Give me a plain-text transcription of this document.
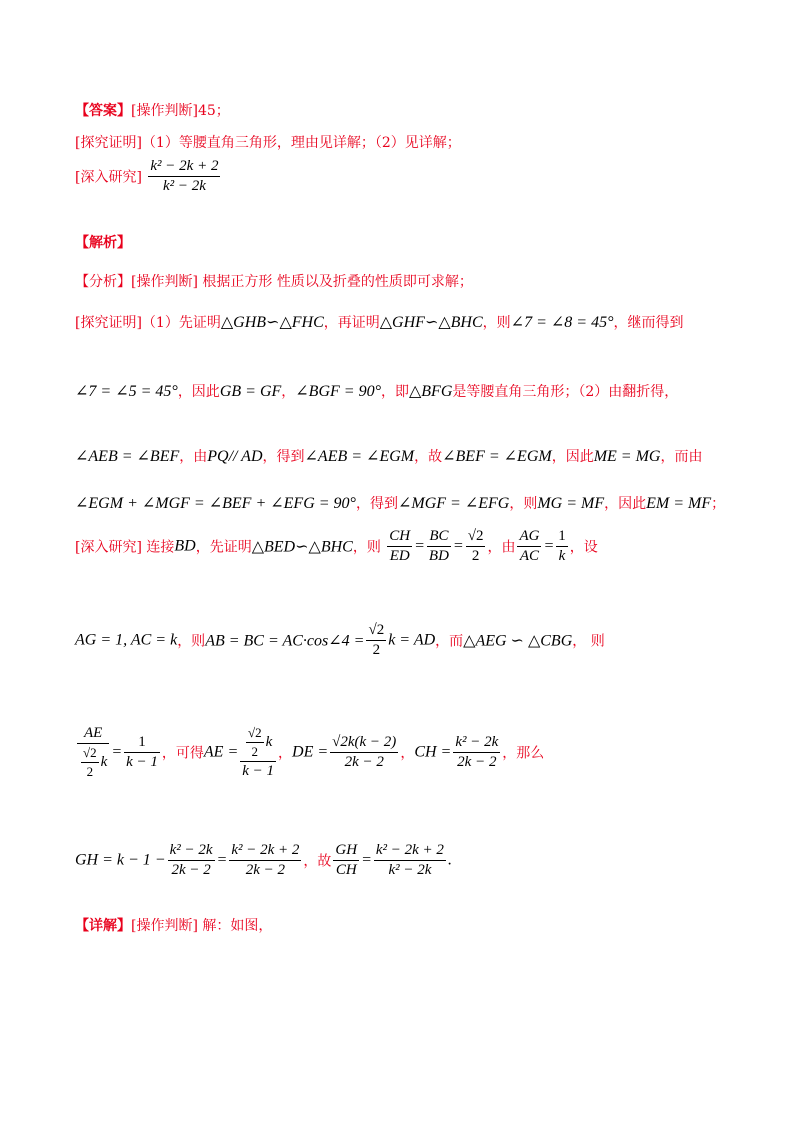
【答案】[操作判断]45；
[探究证明]（1）等腰直角三角形，理由见详解；（2）见详解；
[深入研究] $\frac{\text{k² − 2k + 2}}{\text{k² − 2k}}$
【解析】
【分析】[操作判断] 根据正方形 性质以及折叠的性质即可求解；
[探究证明]（1）先证明△GHB∽△FHC，再证明△GHF∽△BHC，则∠7 = ∠8 = 45°，继而得到
∠7 = ∠5 = 45°，因此GB = GF，∠BGF = 90°，即△BFG是等腰直角三角形；（2）由翻折得，
∠AEB = ∠BEF，由PQ// AD，得到∠AEB = ∠EGM，故∠BEF = ∠EGM，因此ME = MG，而由
∠EGM + ∠MGF = ∠BEF + ∠EFG = 90°，得到∠MGF = ∠EFG，则MG = MF，因此EM = MF；
[深入研究] 连接BD，先证明△BED∽△BHC，则 $\frac{CH}{ED} = \frac{BC}{BD} = \frac{√2}{2}$ ，由 $\frac{AG}{AC} = \frac{1}{k}$ ，设
AG = 1, AC = k，则AB = BC = AC·cos∠4 = $\frac{√2}{2}$ k = AD，而△AEG ∽ △CBG， 则
$\frac{AE}{\frac{√2}{2} k} = \frac{1}{k - 1}$ ，可得AE = $\frac{\frac{√2}{2} k}{k - 1}$ ，DE = $\frac{√2k(k - 2)}{2k - 2}$ ，CH = $\frac{\text{k² − 2k}}{2k - 2}$ ，那么
GH = $k - 1 - \frac{\text{k² − 2k}}{2k - 2} = \frac{\text{k² − 2k + 2}}{2k - 2}$ ，故 $\frac{GH}{CH} = \frac{\text{k² − 2k + 2}}{\text{k² − 2k}}$ .
【详解】[操作判断] 解：如图，
